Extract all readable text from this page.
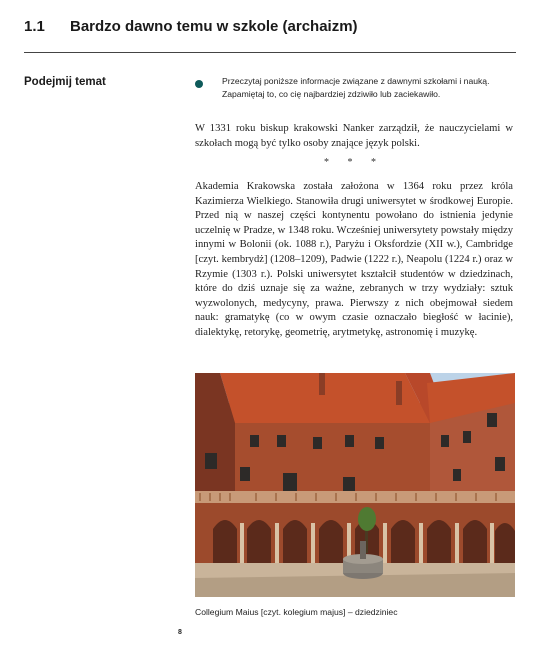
1.1 Bardzo dawno temu w szkole (archaizm)
Podejmij temat	Przeczytaj poniższe informacje związane z dawnymi szkołami i nauką. Zapamiętaj to, co cię najbardziej zdziwiło lub zaciekawiło.

W 1331 roku biskup krakowski Nanker zarządził, że nauczycielami w szkołach mogą być tylko osoby znające język polski.

* * *

Akademia Krakowska została założona w 1364 roku przez króla Kazimierza Wielkiego. Stanowiła drugi uniwersytet w środkowej Europie. Przed nią w naszej części kontynentu powołano do istnienia jedynie uczelnię w Pradze, w 1348 roku. Wcześniej uniwersytety powstały między innymi w Bolonii (ok. 1088 r.), Paryżu i Oksfordzie (XII w.), Cambridge [czyt. kembrydż] (1208–1209), Padwie (1222 r.), Neapolu (1224 r.) oraz w Rzymie (1303 r.). Polski uniwersytet kształcił studentów w dziedzinach, które do dziś uznaje się za ważne, zebranych w trzy wydziały: sztuk wyzwolonych, medycyny, prawa. Pierwszy z nich obejmował siedem nauk: gramatykę (co w owym czasie oznaczało biegłość w łacinie), dialektykę, retorykę, geometrię, arytmetykę, astronomię i muzykę.

Collegium Maius [czyt. kolegium majus] – dziedziniec
8
